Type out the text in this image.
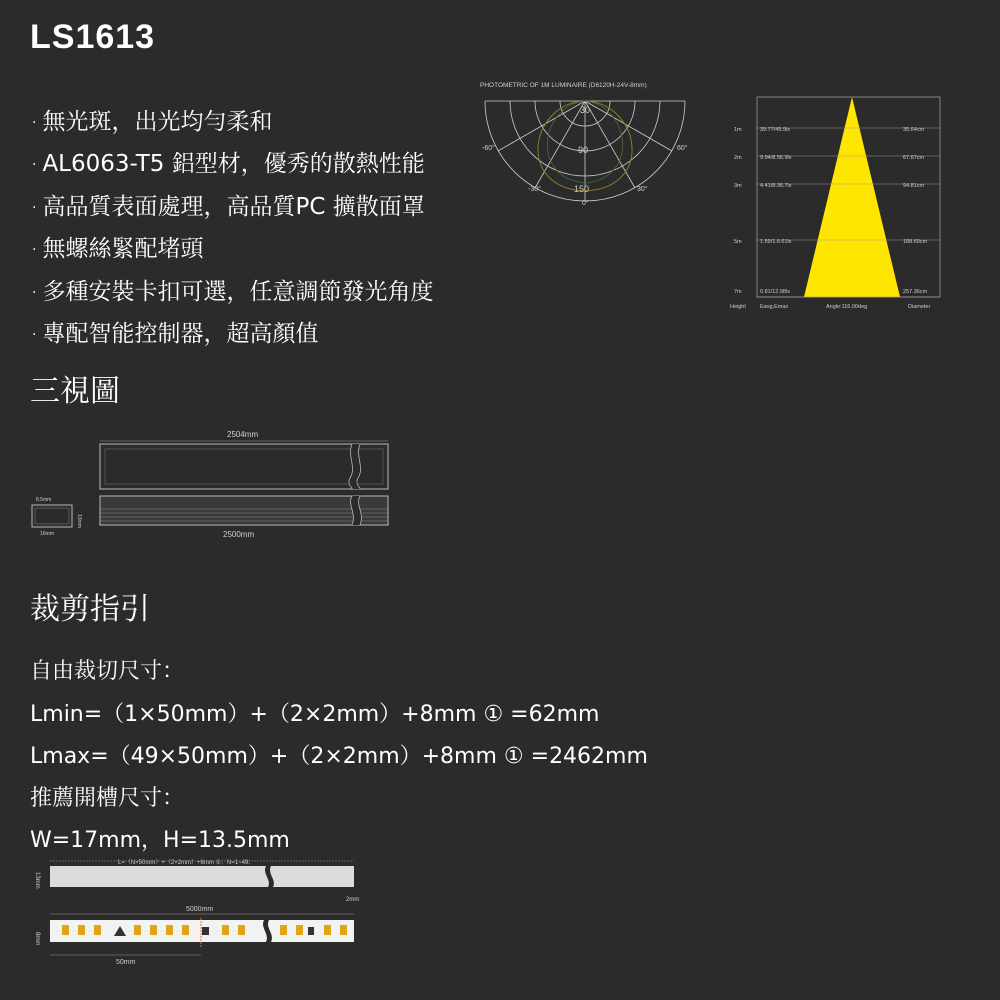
LS1613
· 無光斑，出光均勻柔和
· AL6063-T5 鋁型材，優秀的散熱性能
· 高品質表面處理，高品質PC 擴散面罩
· 無螺絲緊配堵頭
· 多種安裝卡扣可選，任意調節發光角度
· 專配智能控制器，超高顏值
PHOTOMETRIC OF 1M LUMINAIRE (D6120H-24V-8mm)
30
90
150
-60°	60°
-30°	30°
0°
1m	39.77/45.9lx	35.64cm
2m	9.94/8.56.9lx	67.67cm
3m	4.41/8.36.7lx	94.81cm
5m	1.59/1.6.61lx	188.69cm
7m	0.81/12.98lx	257.36cm
Height	Eavg,Emax	Angle:116.00deg	Diameter
三視圖
2504mm
2500mm
8.5mm
13mm
16mm
裁剪指引
自由裁切尺寸：
Lmin=（1×50mm）+（2×2mm）+8mm ① =62mm
Lmax=（49×50mm）+（2×2mm）+8mm ① =2462mm
推薦開槽尺寸：
W=17mm，H=13.5mm
L=（N×50mm）+（2×2mm）+8mm ①；N=1~49；
13mm
2mm
5000mm
8mm
50mm
